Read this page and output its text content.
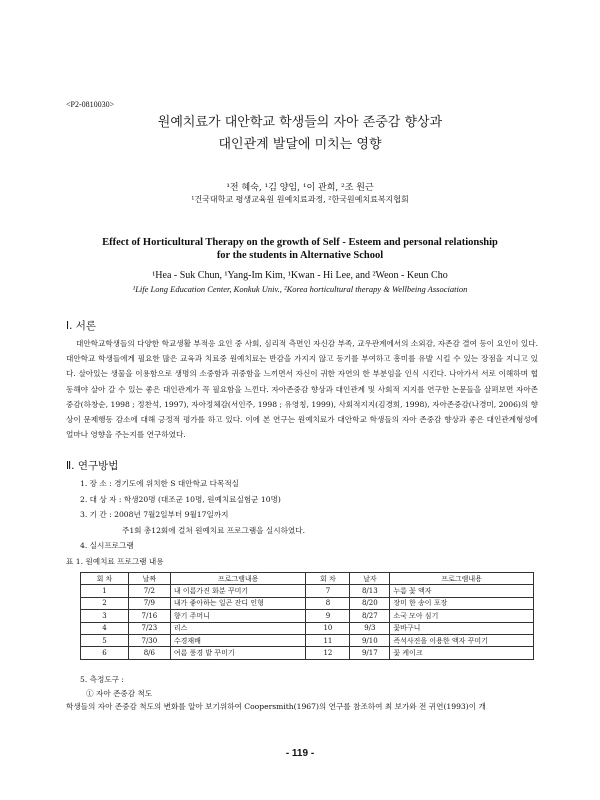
<P2-0810030>
원예치료가 대안학교 학생들의 자아 존중감 향상과
대인관계 발달에 미치는 영향
¹전 혜숙, ¹김 양임, ¹이 관희, ²조 원근
¹건국대학교 평생교육원 원예치료과정, ²한국원예치료복지협회
Effect of Horticultural Therapy on the growth of Self - Esteem and personal relationship
for the students in Alternative School
¹Hea - Suk Chun, ¹Yang-Im Kim, ¹Kwan - Hi Lee, and ²Weon - Keun Cho
¹Life Long Education Center, Konkuk Univ., ²Korea horticultural therapy & Wellbeing Association
Ⅰ. 서론
대안학교학생들의 다양한 학교생활 부적응 요인 중 사회, 심리적 측면인 자신감 부족, 교우관계에서의 소외감, 자존감 결여 등이 요인이 있다. 대안학교 학생들에게 필요한 많은 교육과 치료중 원예치료는 반감을 가지지 않고 동기를 부여하고 흥미를 유발 시킬 수 있는 장점을 지니고 있다. 살아있는 생물을 이용함으로 생명의 소중함과 귀중함을 느끼면서 자신이 귀한 자연의 한 부분임을 인식 시킨다. 나아가서 서로 이해하며 협동해야 살아 갈 수 있는 좋은 대인관계가 꼭 필요함을 느낀다. 자아존중감 향상과 대인관계 및 사회적 지지를 연구한 논문들을 살펴보면 자아존중감(하창순, 1998 ; 정찬석, 1997), 자아정체감(서인주, 1998 ; 유영칭, 1999), 사회적지지(김경희, 1998), 자아존중감(나경미, 2006)의 향상이 문제행동 감소에 대해 긍정적 평가를 하고 있다. 이에 본 연구는 원예치료가 대안학교 학생들의 자아 존중감 향상과 좋은 대인관계형성에 얼마나 영향을 주는지를 연구하였다.
Ⅱ. 연구방법
1. 장 소 : 경기도에 위치한 S 대안학교 다목적실
2. 대 상 자 : 학생20명 (대조군 10명, 원예치료실험군 10명)
3. 기 간 : 2008년 7월2일부터 9월17일까지
주1회 총12회에 걸쳐 원예치료 프로그램을 실시하였다.
4. 실시프로그램
표 1. 원예치료 프로그램 내용
회 차	날짜	프로그램내용	회 차	날자	프로그램내용
1	7/2	내 이름가진 화분 꾸미기	7	8/13	누름 꽃 액자
2	7/9	내가 좋아하는 일곤 잔디 인형	8	8/20	장미 한 송이 포장
3	7/16	향기 주머니	9	8/27	소국 모아 심기
4	7/23	리스	10	9/3	꽃바구니
5	7/30	수경재배	11	9/10	즉석사진을 이용한 액자 꾸미기
6	8/6	여름 풍경 밭 꾸미기	12	9/17	꽃 케이크
5. 측정도구 :
① 자아 존중감 척도
학생들의 자아 존중감 척도의 변화를 알아 보기위하여 Coopersmith(1967)의 연구를 참조하여 최 보가와 전 귀연(1993)이 개
- 119 -
